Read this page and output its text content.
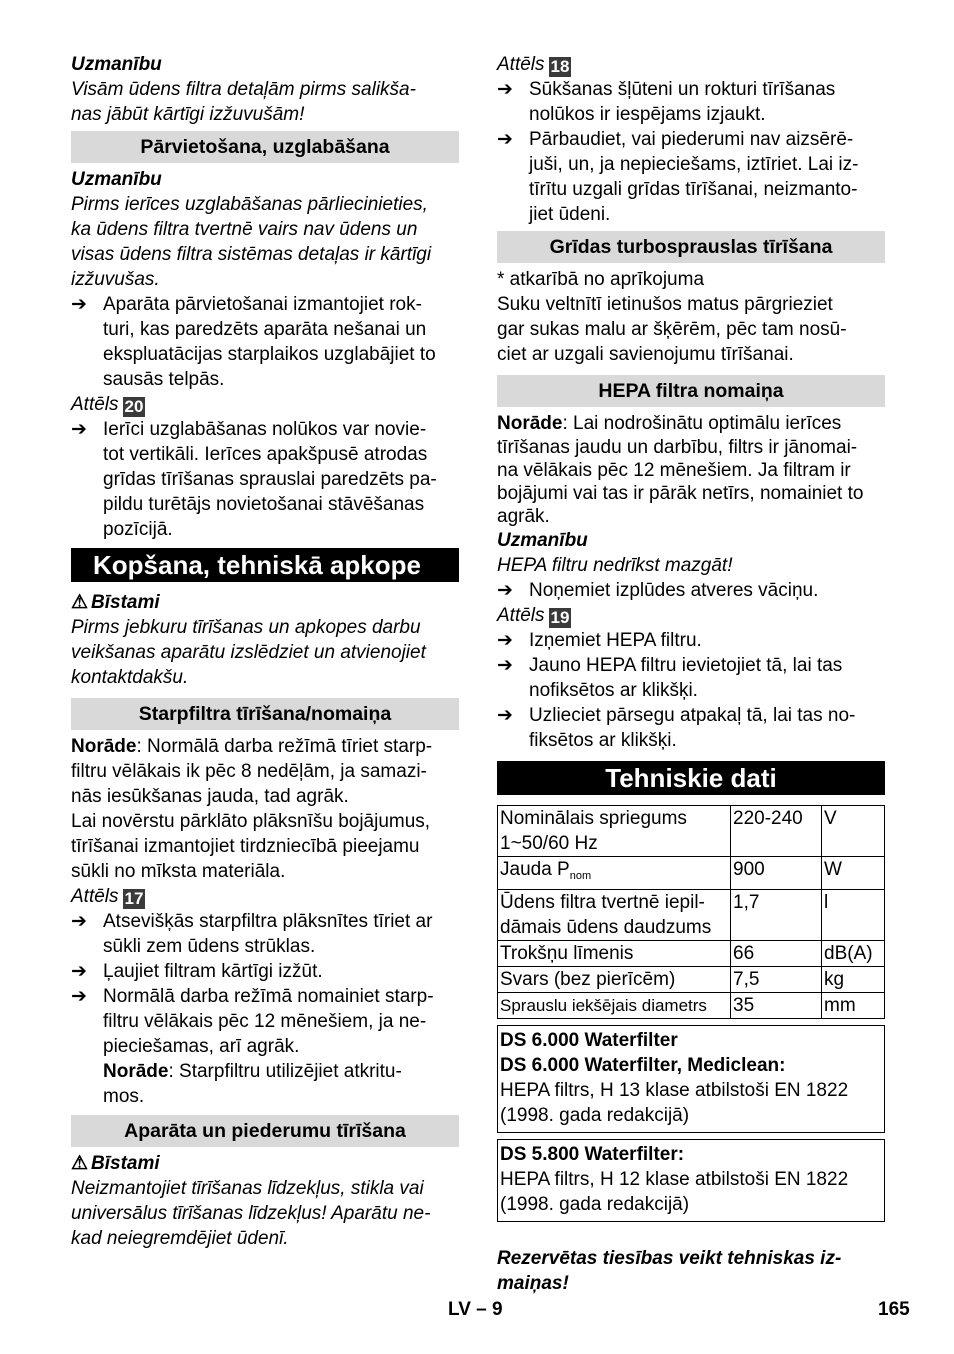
Uzmanību
Visām ūdens filtra detaļām pirms salikša-
nas jābūt kārtīgi izžuvušām!
Pārvietošana, uzglabāšana
Uzmanību
Pirms ierīces uzglabāšanas pārliecinieties,
ka ūdens filtra tvertnē vairs nav ūdens un
visas ūdens filtra sistēmas detaļas ir kārtīgi
izžuvušas.
➔ Aparāta pārvietošanai izmantojiet rok-
turi, kas paredzēts aparāta nešanai un
ekspluatācijas starplaikos uzglabājiet to
sausās telpās.
Attēls 20
➔ Ierīci uzglabāšanas nolūkos var novie-
tot vertikāli. Ierīces apakšpusē atrodas
grīdas tīrīšanas sprauslai paredzēts pa-
pildu turētājs novietošanai stāvēšanas
pozīcijā.
Kopšana, tehniskā apkope
⚠ Bīstami
Pirms jebkuru tīrīšanas un apkopes darbu
veikšanas aparātu izslēdziet un atvienojiet
kontaktdakšu.
Starpfiltra tīrīšana/nomaiņa
Norāde: Normālā darba režīmā tīriet starp-
filtru vēlākais ik pēc 8 nedēļām, ja samazi-
nās iesūkšanas jauda, tad agrāk.
Lai novērstu pārklāto plāksnīšu bojājumus,
tīrīšanai izmantojiet tirdzniecībā pieejamu
sūkli no mīksta materiāla.
Attēls 17
➔ Atsevišķās starpfiltra plāksnītes tīriet ar
sūkli zem ūdens strūklas.
➔ Ļaujiet filtram kārtīgi izžūt.
➔ Normālā darba režīmā nomainiet starp-
filtru vēlākais pēc 12 mēnešiem, ja ne-
pieciešamas, arī agrāk.
Norāde: Starpfiltru utilizējiet atkritu-
mos.
Aparāta un piederumu tīrīšana
⚠ Bīstami
Neizmantojiet tīrīšanas līdzekļus, stikla vai
universālus tīrīšanas līdzekļus! Aparātu ne-
kad neiegremdējiet ūdenī.
Attēls 18
➔ Sūkšanas šļūteni un rokturi tīrīšanas
nolūkos ir iespējams izjaukt.
➔ Pārbaudiet, vai piederumi nav aizsērē-
juši, un, ja nepieciešams, iztīriet. Lai iz-
tīrītu uzgali grīdas tīrīšanai, neizmanto-
jiet ūdeni.
Grīdas turbosprauslas tīrīšana
* atkarībā no aprīkojuma
Suku veltnītī ietinušos matus pārgrieziet
gar sukas malu ar šķērēm, pēc tam nosū-
ciet ar uzgali savienojumu tīrīšanai.
HEPA filtra nomaiņa
Norāde: Lai nodrošinātu optimālu ierīces
tīrīšanas jaudu un darbību, filtrs ir jānomai-
na vēlākais pēc 12 mēnešiem. Ja filtram ir
bojājumi vai tas ir pārāk netīrs, nomainiet to
agrāk.
Uzmanību
HEPA filtru nedrīkst mazgāt!
➔ Noņemiet izplūdes atveres vāciņu.
Attēls 19
➔ Izņemiet HEPA filtru.
➔ Jauno HEPA filtru ievietojiet tā, lai tas
nofiksētos ar klikšķi.
➔ Uzlieciet pārsegu atpakaļ tā, lai tas no-
fiksētos ar klikšķi.
Tehniskie dati
Nominālais spriegums
1~50/60 Hz	220-240	V

Jauda $P_{nom}$	900	W

Ūdens filtra tvertnē iepil-
dāmais ūdens daudzums	1,7	l

Trokšņu līmenis	66	dB(A)

Svars (bez pierīcēm)	7,5	kg

Sprauslu iekšējais diametrs	35	mm
DS 6.000 Waterfilter
DS 6.000 Waterfilter, Mediclean:
HEPA filtrs, H 13 klase atbilstoši EN 1822
(1998. gada redakcijā)
DS 5.800 Waterfilter:
HEPA filtrs, H 12 klase atbilstoši EN 1822
(1998. gada redakcijā)
Rezervētas tiesības veikt tehniskas iz-
maiņas!
LV – 9	165
